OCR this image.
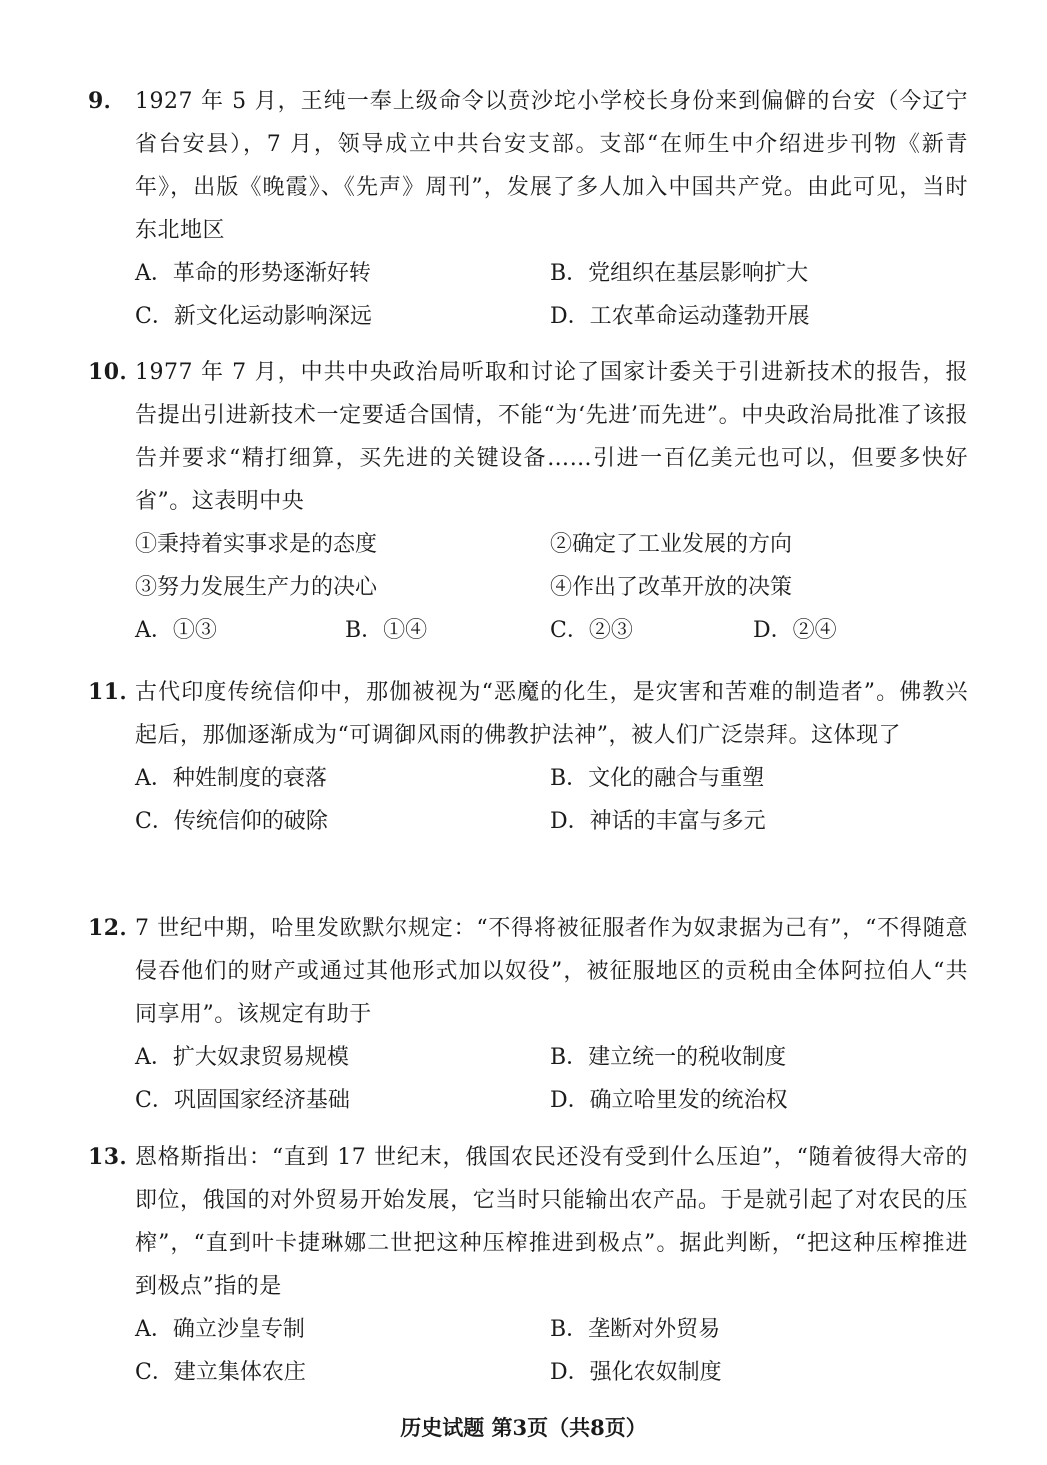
9． 1927 年 5 月，王纯一奉上级命令以贲沙坨小学校长身份来到偏僻的台安（今辽宁省台安县），7 月，领导成立中共台安支部。支部“在师生中介绍进步刊物《新青年》，出版《晚霞》、《先声》周刊”，发展了多人加入中国共产党。由此可见，当时东北地区
A．革命的形势逐渐好转	B．党组织在基层影响扩大
C．新文化运动影响深远	D．工农革命运动蓬勃开展
10．
1977 年 7 月，中共中央政治局听取和讨论了国家计委关于引进新技术的报告，报告提出引进新技术一定要适合国情，不能“为‘先进’而先进”。中央政治局批准了该报告并要求“精打细算，买先进的关键设备……引进一百亿美元也可以，但要多快好省”。这表明中央
①秉持着实事求是的态度	②确定了工业发展的方向
③努力发展生产力的决心	④作出了改革开放的决策
A．①③	B．①④	C．②③	D．②④
11．
古代印度传统信仰中，那伽被视为“恶魔的化生，是灾害和苦难的制造者”。佛教兴起后，那伽逐渐成为“可调御风雨的佛教护法神”，被人们广泛崇拜。这体现了
A．种姓制度的衰落	B．文化的融合与重塑
C．传统信仰的破除	D．神话的丰富与多元
12．
7 世纪中期，哈里发欧默尔规定：“不得将被征服者作为奴隶据为己有”，“不得随意侵吞他们的财产或通过其他形式加以奴役”，被征服地区的贡税由全体阿拉伯人“共同享用”。该规定有助于
A．扩大奴隶贸易规模	B．建立统一的税收制度
C．巩固国家经济基础	D．确立哈里发的统治权
13．
恩格斯指出：“直到 17 世纪末，俄国农民还没有受到什么压迫”，“随着彼得大帝的即位，俄国的对外贸易开始发展，它当时只能输出农产品。于是就引起了对农民的压榨”，“直到叶卡捷琳娜二世把这种压榨推进到极点”。据此判断，“把这种压榨推进到极点”指的是
A．确立沙皇专制	B．垄断对外贸易
C．建立集体农庄	D．强化农奴制度
历史试题 第3页（共8页）
